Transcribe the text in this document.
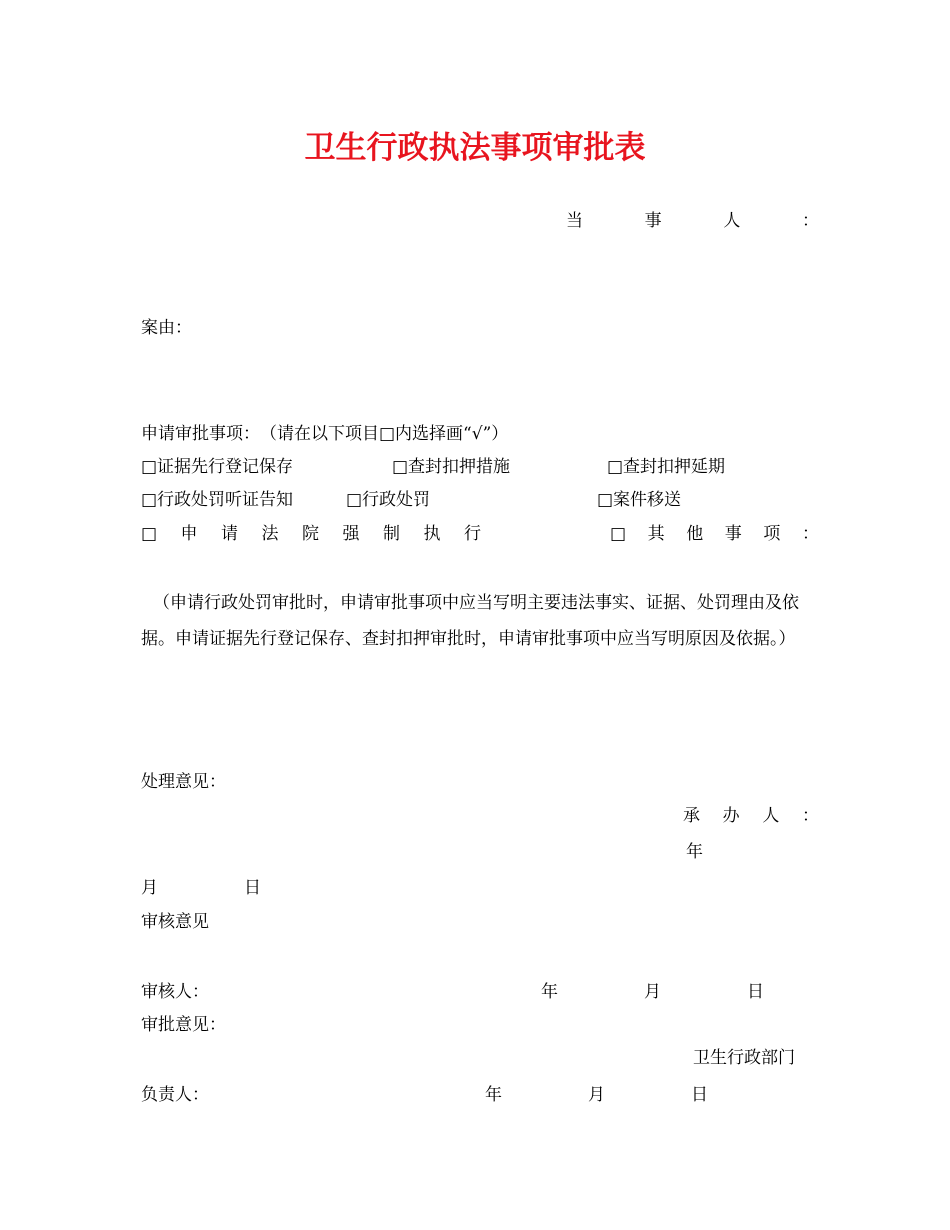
卫生行政执法事项审批表
当	事	人	：
案由：
申请审批事项：　（请在以下项目□内选择画“√”）
□证据先行登记保存	□查封扣押措施	□查封扣押延期
□行政处罚听证告知	□行政处罚	□案件移送
□ 申 请 法 院 强 制 执 行	□ 其 他 事 项 ：
（申请行政处罚审批时，申请审批事项中应当写明主要违法事实、证据、处罚理由及依据。申请证据先行登记保存、查封扣押审批时，申请审批事项中应当写明原因及依据。）
处理意见：
承 办 人 ：
年
月	日
审核意见
审核人：	年	月	日
审批意见：
卫生行政部门
负责人：	年	月	日
